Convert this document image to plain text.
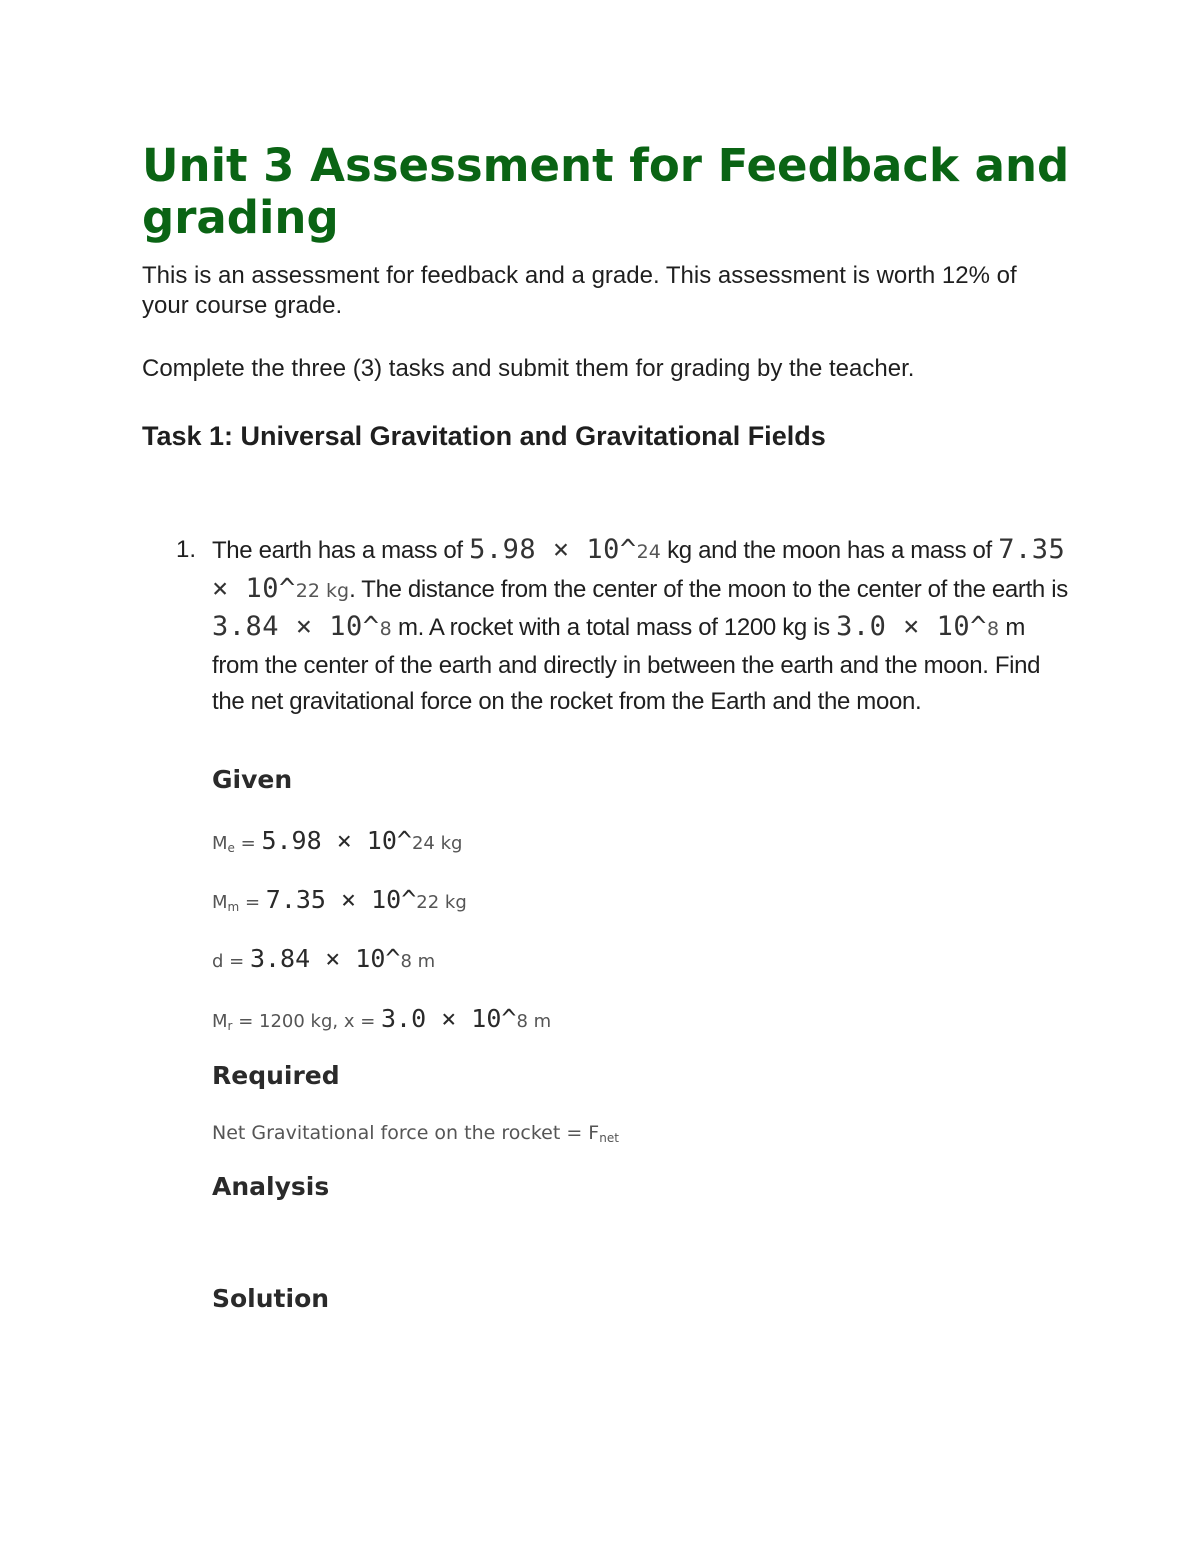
Unit 3 Assessment for Feedback and grading

This is an assessment for feedback and a grade. This assessment is worth 12% of your course grade.

Complete the three (3) tasks and submit them for grading by the teacher.

Task 1: Universal Gravitation and Gravitational Fields
1. The earth has a mass of 5.98 × 10^24 kg and the moon has a mass of 7.35 × 10^22 kg. The distance from the center of the moon to the center of the earth is 3.84 × 10^8 m. A rocket with a total mass of 1200 kg is 3.0 × 10^8 m from the center of the earth and directly in between the earth and the moon. Find the net gravitational force on the rocket from the Earth and the moon.

Given

Me = 5.98 × 10^24 kg

Mm = 7.35 × 10^22 kg

d = 3.84 × 10^8 m

Mr = 1200 kg, x = 3.0 × 10^8 m

Required

Net Gravitational force on the rocket = Fnet

Analysis
Solution
